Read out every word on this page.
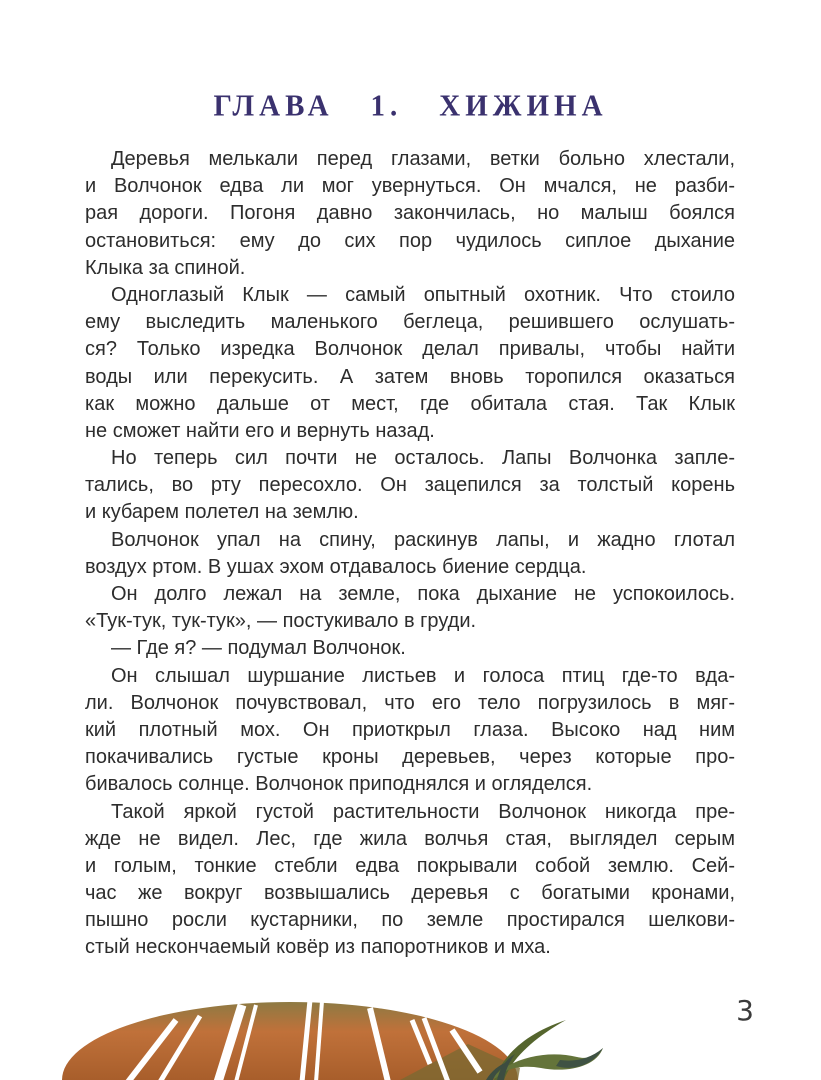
ГЛАВА 1. ХИЖИНА

Деревья мелькали перед глазами, ветки больно хлестали,
и Волчонок едва ли мог увернуться. Он мчался, не разби-
рая дороги. Погоня давно закончилась, но малыш боялся
остановиться: ему до сих пор чудилось сиплое дыхание
Клыка за спиной.

Одноглазый Клык — самый опытный охотник. Что стоило
ему выследить маленького беглеца, решившего ослушать-
ся? Только изредка Волчонок делал привалы, чтобы найти
воды или перекусить. А затем вновь торопился оказаться
как можно дальше от мест, где обитала стая. Так Клык
не сможет найти его и вернуть назад.

Но теперь сил почти не осталось. Лапы Волчонка запле-
тались, во рту пересохло. Он зацепился за толстый корень
и кубарем полетел на землю.

Волчонок упал на спину, раскинув лапы, и жадно глотал
воздух ртом. В ушах эхом отдавалось биение сердца.

Он долго лежал на земле, пока дыхание не успокоилось.
«Тук-тук, тук-тук», — постукивало в груди.

— Где я? — подумал Волчонок.

Он слышал шуршание листьев и голоса птиц где-то вда-
ли. Волчонок почувствовал, что его тело погрузилось в мяг-
кий плотный мох. Он приоткрыл глаза. Высоко над ним
покачивались густые кроны деревьев, через которые про-
бивалось солнце. Волчонок приподнялся и огляделся.

Такой яркой густой растительности Волчонок никогда пре-
жде не видел. Лес, где жила волчья стая, выглядел серым
и голым, тонкие стебли едва покрывали собой землю. Сей-
час же вокруг возвышались деревья с богатыми кронами,
пышно росли кустарники, по земле простирался шелкови-
стый нескончаемый ковёр из папоротников и мха.

3
